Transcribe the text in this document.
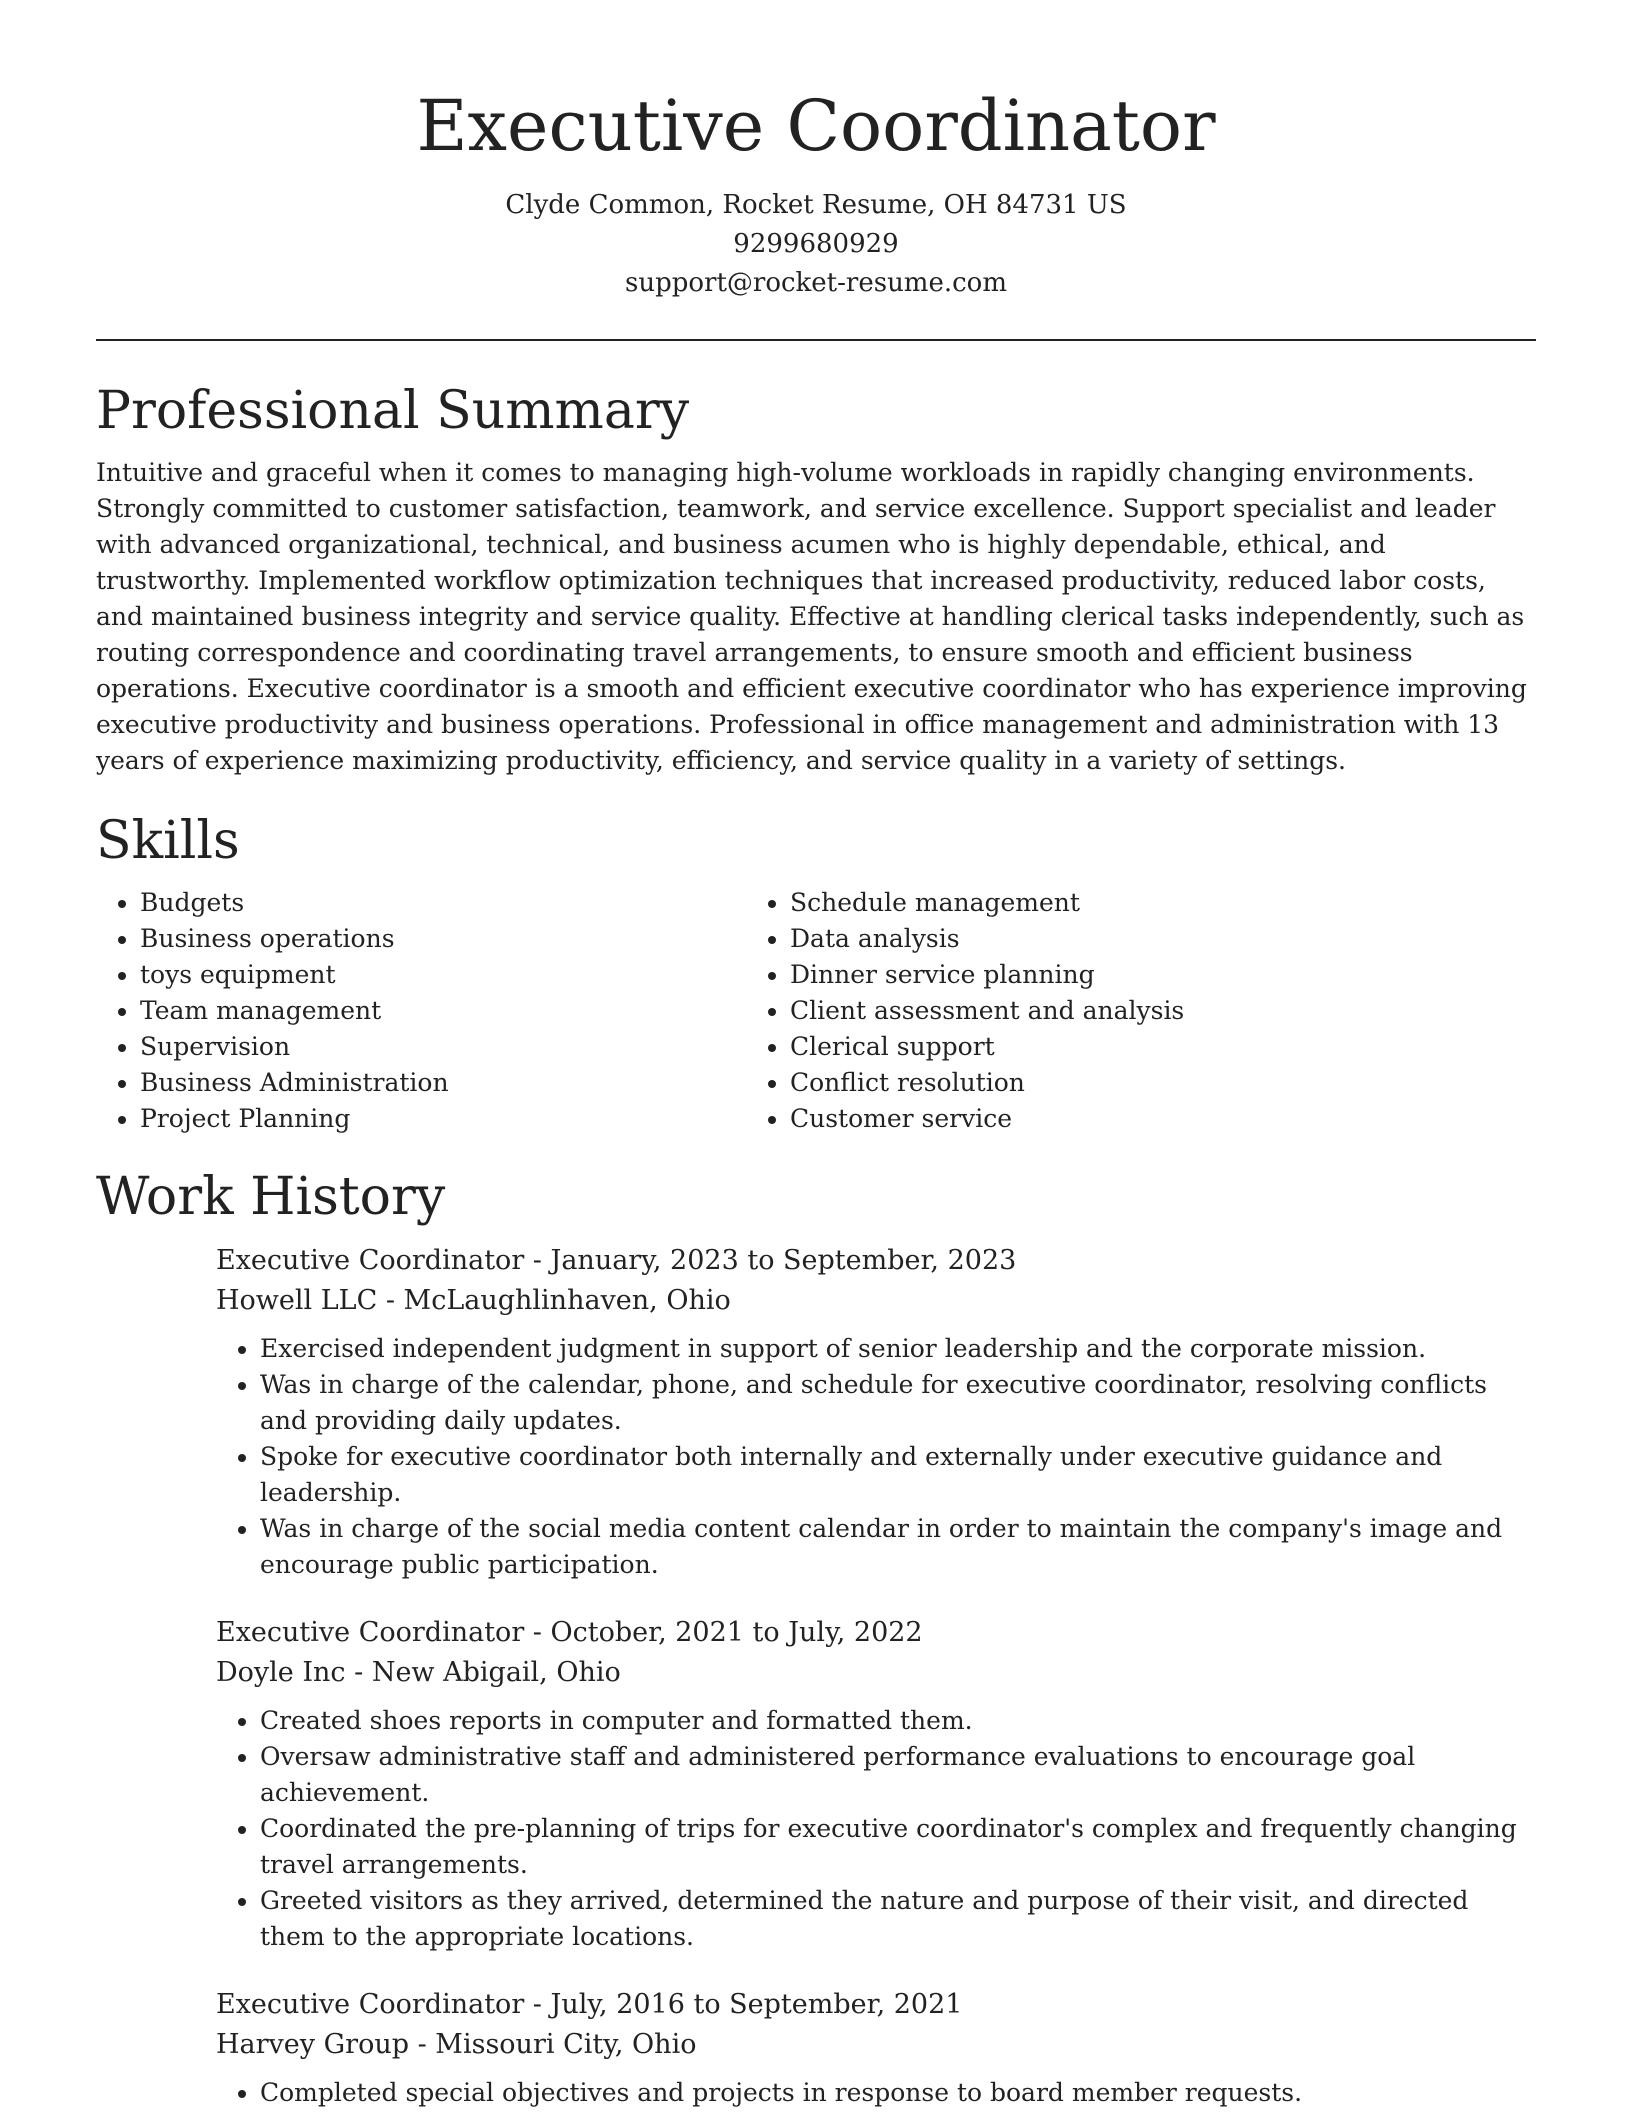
Executive Coordinator

Clyde Common, Rocket Resume, OH 84731 US

9299680929

support@rocket-resume.com

Professional Summary

Intuitive and graceful when it comes to managing high-volume workloads in rapidly changing environments. Strongly committed to customer satisfaction, teamwork, and service excellence. Support specialist and leader with advanced organizational, technical, and business acumen who is highly dependable, ethical, and trustworthy. Implemented workflow optimization techniques that increased productivity, reduced labor costs, and maintained business integrity and service quality. Effective at handling clerical tasks independently, such as routing correspondence and coordinating travel arrangements, to ensure smooth and efficient business operations. Executive coordinator is a smooth and efficient executive coordinator who has experience improving executive productivity and business operations. Professional in office management and administration with 13 years of experience maximizing productivity, efficiency, and service quality in a variety of settings.

Skills
• Budgets
• Business operations
• toys equipment
• Team management
• Supervision
• Business Administration
• Project Planning
• Schedule management
• Data analysis
• Dinner service planning
• Client assessment and analysis
• Clerical support
• Conflict resolution
• Customer service
Work History

Executive Coordinator - January, 2023 to September, 2023

Howell LLC - McLaughlinhaven, Ohio

• Exercised independent judgment in support of senior leadership and the corporate mission.
• Was in charge of the calendar, phone, and schedule for executive coordinator, resolving conflicts and providing daily updates.
• Spoke for executive coordinator both internally and externally under executive guidance and leadership.
• Was in charge of the social media content calendar in order to maintain the company's image and encourage public participation.

Executive Coordinator - October, 2021 to July, 2022

Doyle Inc - New Abigail, Ohio

• Created shoes reports in computer and formatted them.
• Oversaw administrative staff and administered performance evaluations to encourage goal achievement.
• Coordinated the pre-planning of trips for executive coordinator's complex and frequently changing travel arrangements.
• Greeted visitors as they arrived, determined the nature and purpose of their visit, and directed them to the appropriate locations.

Executive Coordinator - July, 2016 to September, 2021

Harvey Group - Missouri City, Ohio

• Completed special objectives and projects in response to board member requests.
